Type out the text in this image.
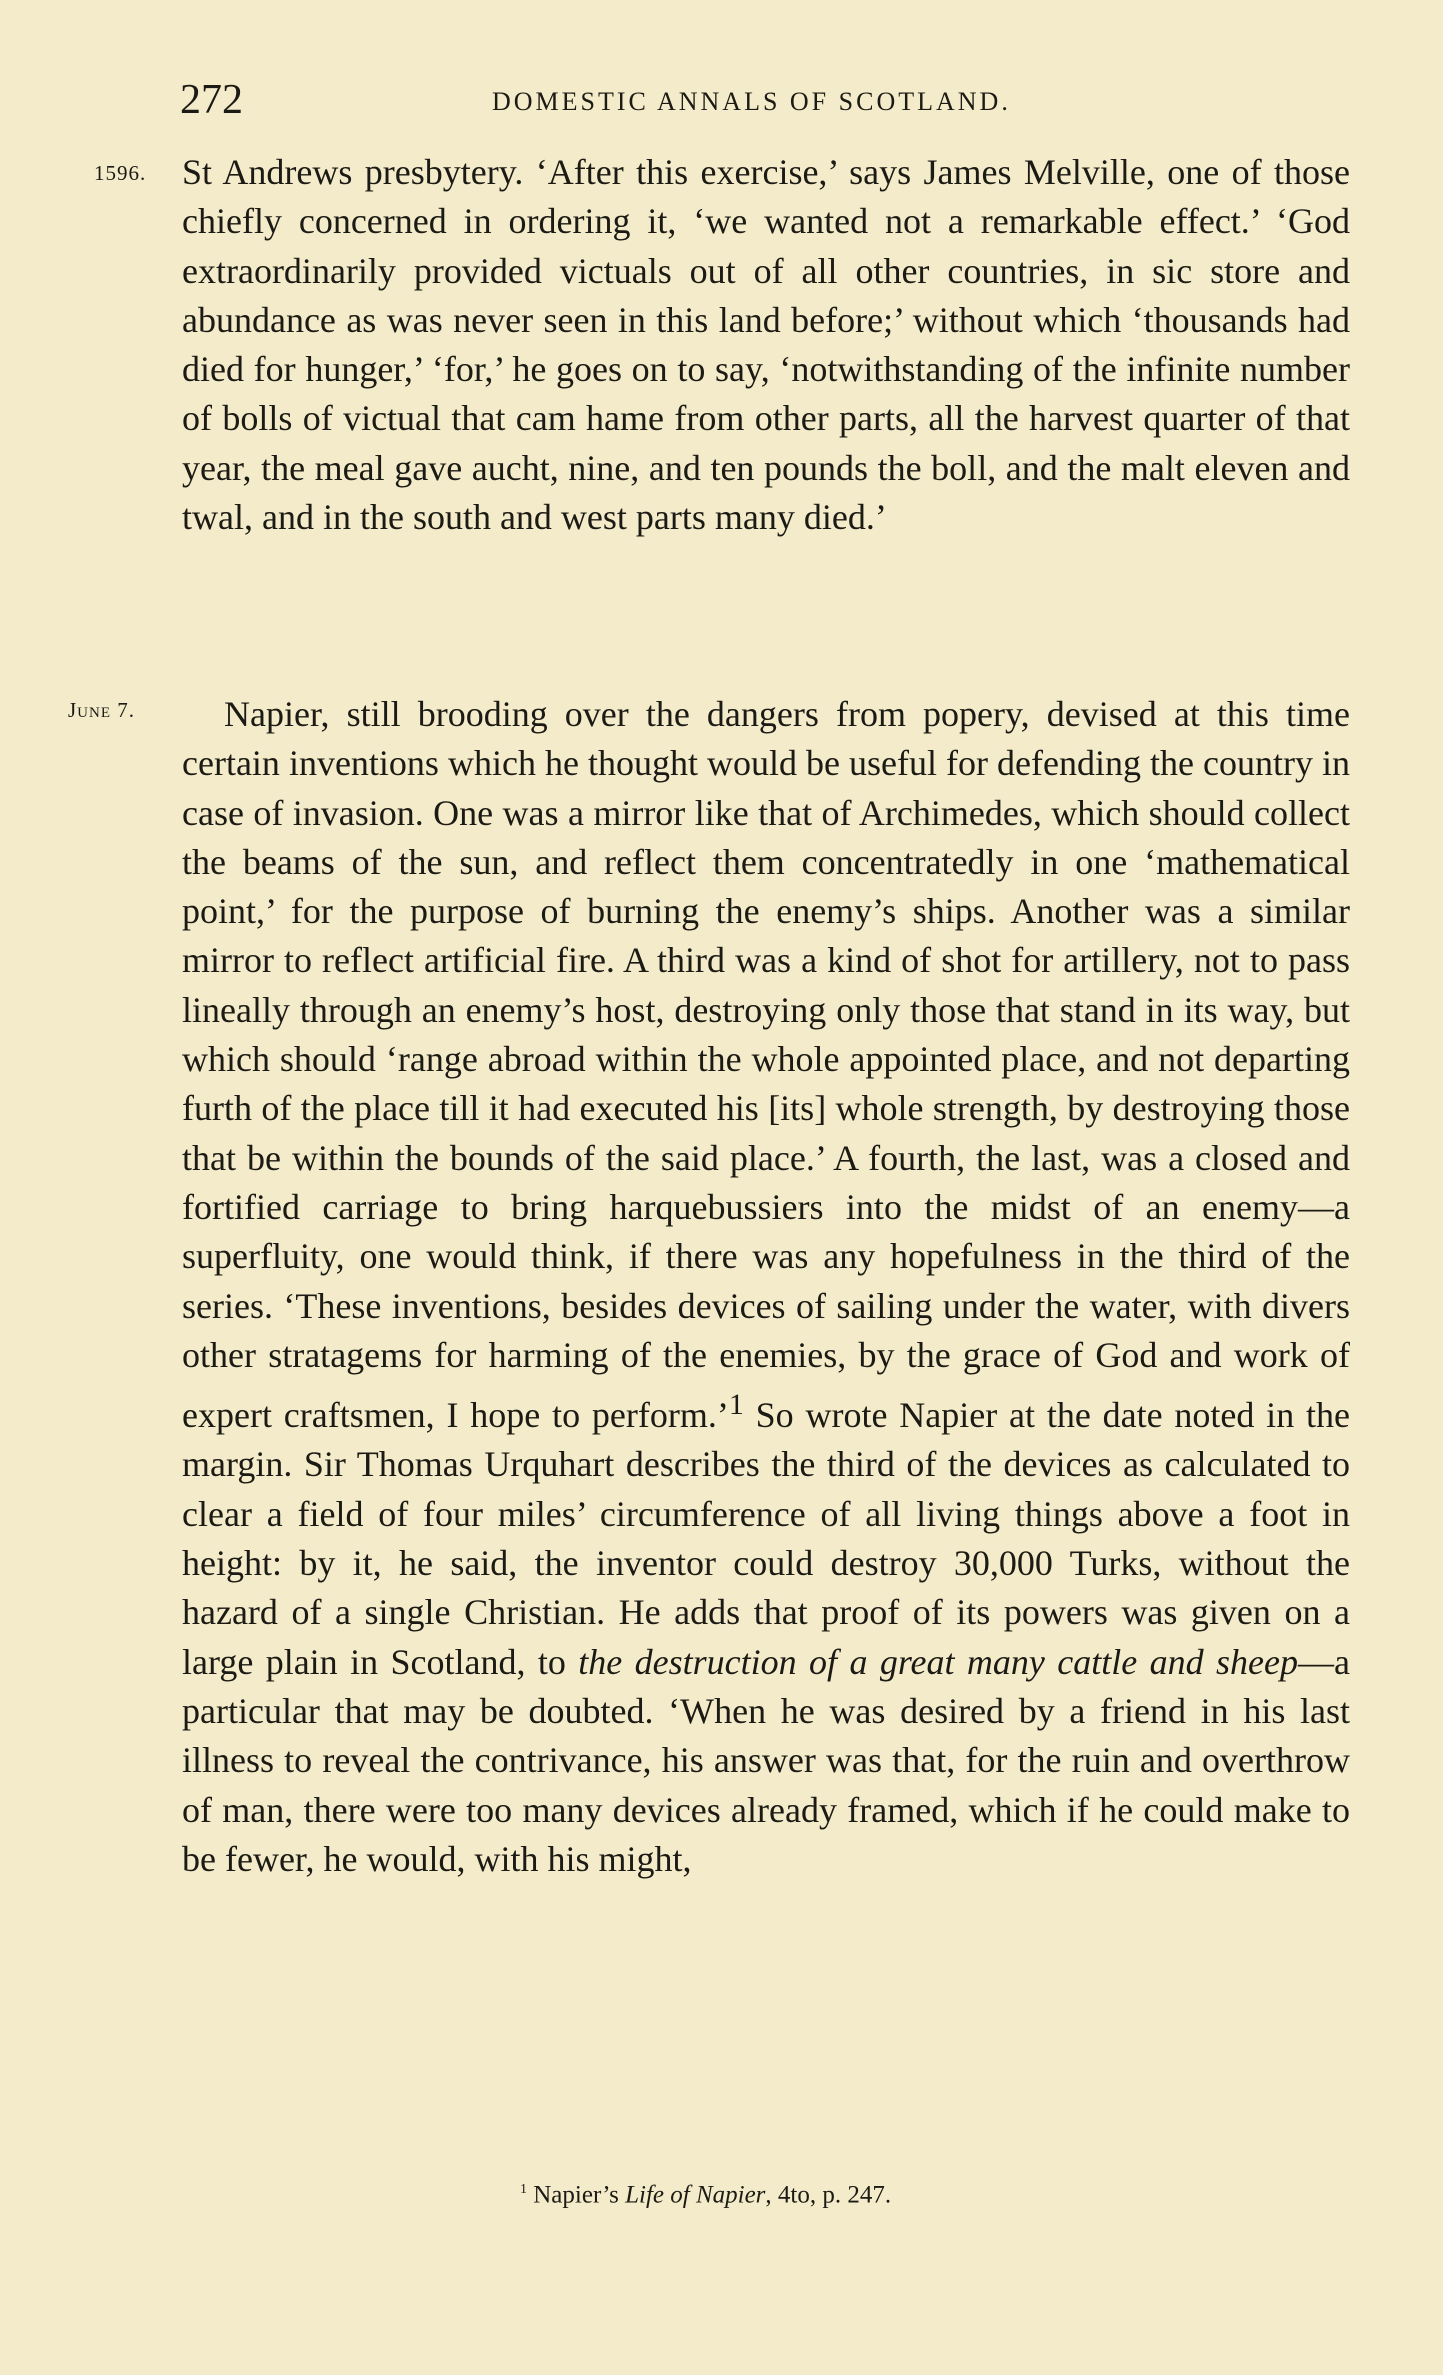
272	DOMESTIC ANNALS OF SCOTLAND.
1596.
June 7.

St Andrews presbytery. ‘After this exercise,’ says James Melville, one of those chiefly concerned in ordering it, ‘we wanted not a remarkable effect.’ ‘God extraordinarily provided victuals out of all other countries, in sic store and abundance as was never seen in this land before;’ without which ‘thousands had died for hunger,’ ‘for,’ he goes on to say, ‘notwithstanding of the infinite number of bolls of victual that cam hame from other parts, all the harvest quarter of that year, the meal gave aucht, nine, and ten pounds the boll, and the malt eleven and twal, and in the south and west parts many died.’

Napier, still brooding over the dangers from popery, devised at this time certain inventions which he thought would be useful for defending the country in case of invasion. One was a mirror like that of Archimedes, which should collect the beams of the sun, and reflect them concentratedly in one ‘mathematical point,’ for the purpose of burning the enemy’s ships. Another was a similar mirror to reflect artificial fire. A third was a kind of shot for artillery, not to pass lineally through an enemy’s host, destroying only those that stand in its way, but which should ‘range abroad within the whole appointed place, and not departing furth of the place till it had executed his [its] whole strength, by destroying those that be within the bounds of the said place.’ A fourth, the last, was a closed and fortified carriage to bring harquebussiers into the midst of an enemy—a superfluity, one would think, if there was any hopefulness in the third of the series. ‘These inventions, besides devices of sailing under the water, with divers other stratagems for harming of the enemies, by the grace of God and work of expert craftsmen, I hope to perform.’$^1$ So wrote Napier at the date noted in the margin. Sir Thomas Urquhart describes the third of the devices as calculated to clear a field of four miles’ circumference of all living things above a foot in height: by it, he said, the inventor could destroy 30,000 Turks, without the hazard of a single Christian. He adds that proof of its powers was given on a large plain in Scotland, to the destruction of a great many cattle and sheep—a particular that may be doubted. ‘When he was desired by a friend in his last illness to reveal the contrivance, his answer was that, for the ruin and overthrow of man, there were too many devices already framed, which if he could make to be fewer, he would, with his might,

$^1$ Napier’s Life of Napier, 4to, p. 247.
